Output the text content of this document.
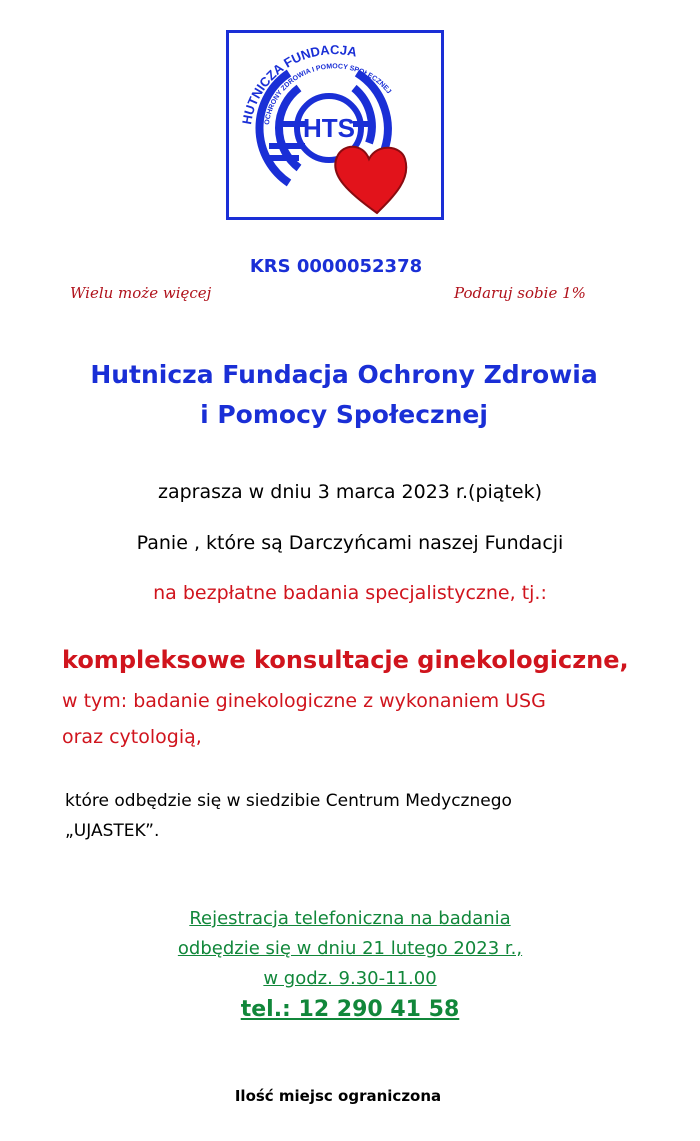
HTS
HUTNICZA FUNDACJA
OCHRONY ZDROWIA I POMOCY SPOŁECZNEJ
KRS 0000052378
Wielu może więcej	Podaruj sobie 1%
Hutnicza Fundacja Ochrony Zdrowia
i Pomocy Społecznej
zaprasza w dniu 3 marca 2023 r.(piątek)
Panie , które są Darczyńcami naszej Fundacji
na bezpłatne badania specjalistyczne, tj.:
kompleksowe konsultacje ginekologiczne,
w tym: badanie ginekologiczne z wykonaniem USG
oraz cytologią,
które odbędzie się w siedzibie Centrum Medycznego
„UJASTEK”.
Rejestracja telefoniczna na badania
odbędzie się w dniu 21 lutego 2023 r.,
w godz. 9.30-11.00
tel.: 12 290 41 58
Ilość miejsc ograniczona
